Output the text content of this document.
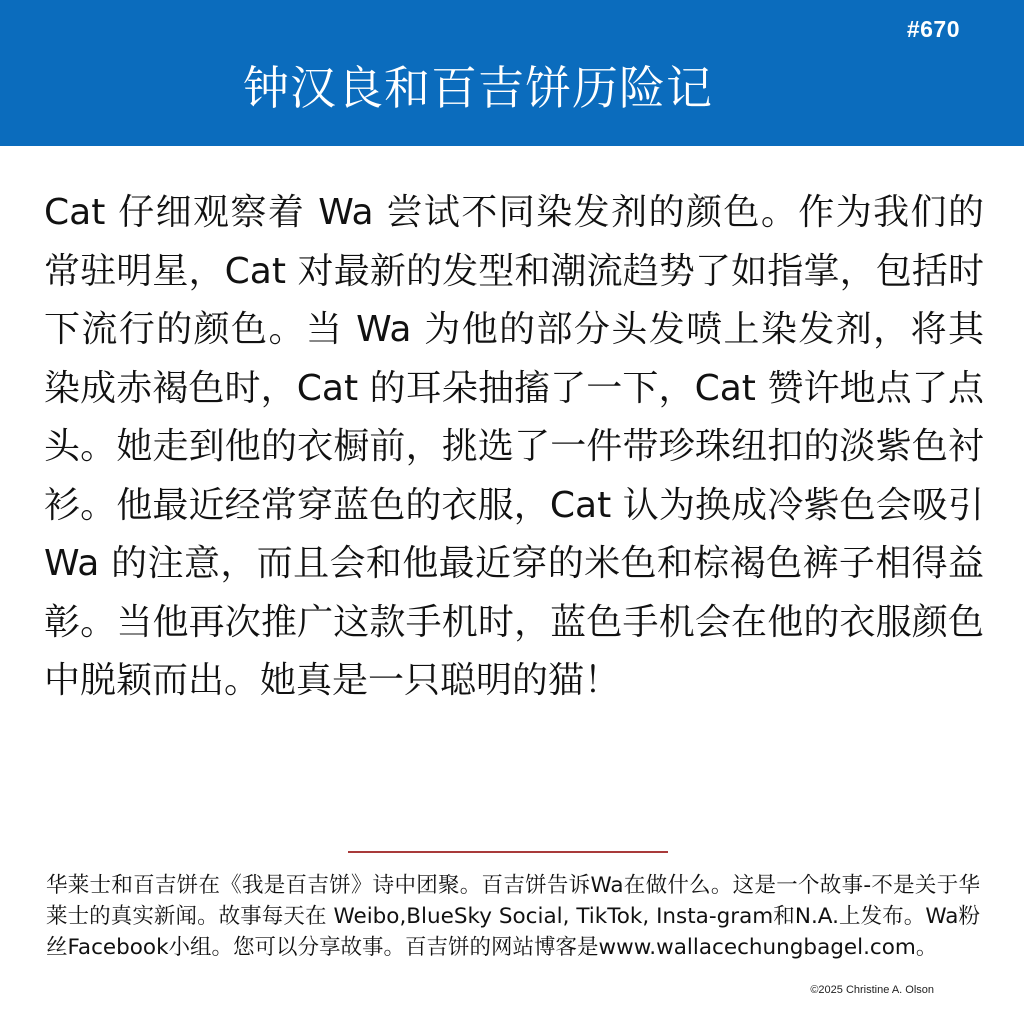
#670
钟汉良和百吉饼历险记

Cat 仔细观察着 Wa 尝试不同染发剂的颜色。作为我们的常驻明星，Cat 对最新的发型和潮流趋势了如指掌，包括时下流行的颜色。当 Wa 为他的部分头发喷上染发剂，将其染成赤褐色时，Cat 的耳朵抽搐了一下，Cat 赞许地点了点头。她走到他的衣橱前，挑选了一件带珍珠纽扣的淡紫色衬衫。他最近经常穿蓝色的衣服，Cat 认为换成冷紫色会吸引 Wa 的注意，而且会和他最近穿的米色和棕褐色裤子相得益彰。当他再次推广这款手机时，蓝色手机会在他的衣服颜色中脱颖而出。她真是一只聪明的猫！

华莱士和百吉饼在《我是百吉饼》诗中团聚。百吉饼告诉Wa在做什么。这是一个故事-不是关于华莱士的真实新闻。故事每天在 Weibo,BlueSky Social, TikTok, Insta-gram和N.A.上发布。Wa粉丝Facebook小组。您可以分享故事。百吉饼的网站博客是www.wallacechungbagel.com。

©2025 Christine A. Olson
